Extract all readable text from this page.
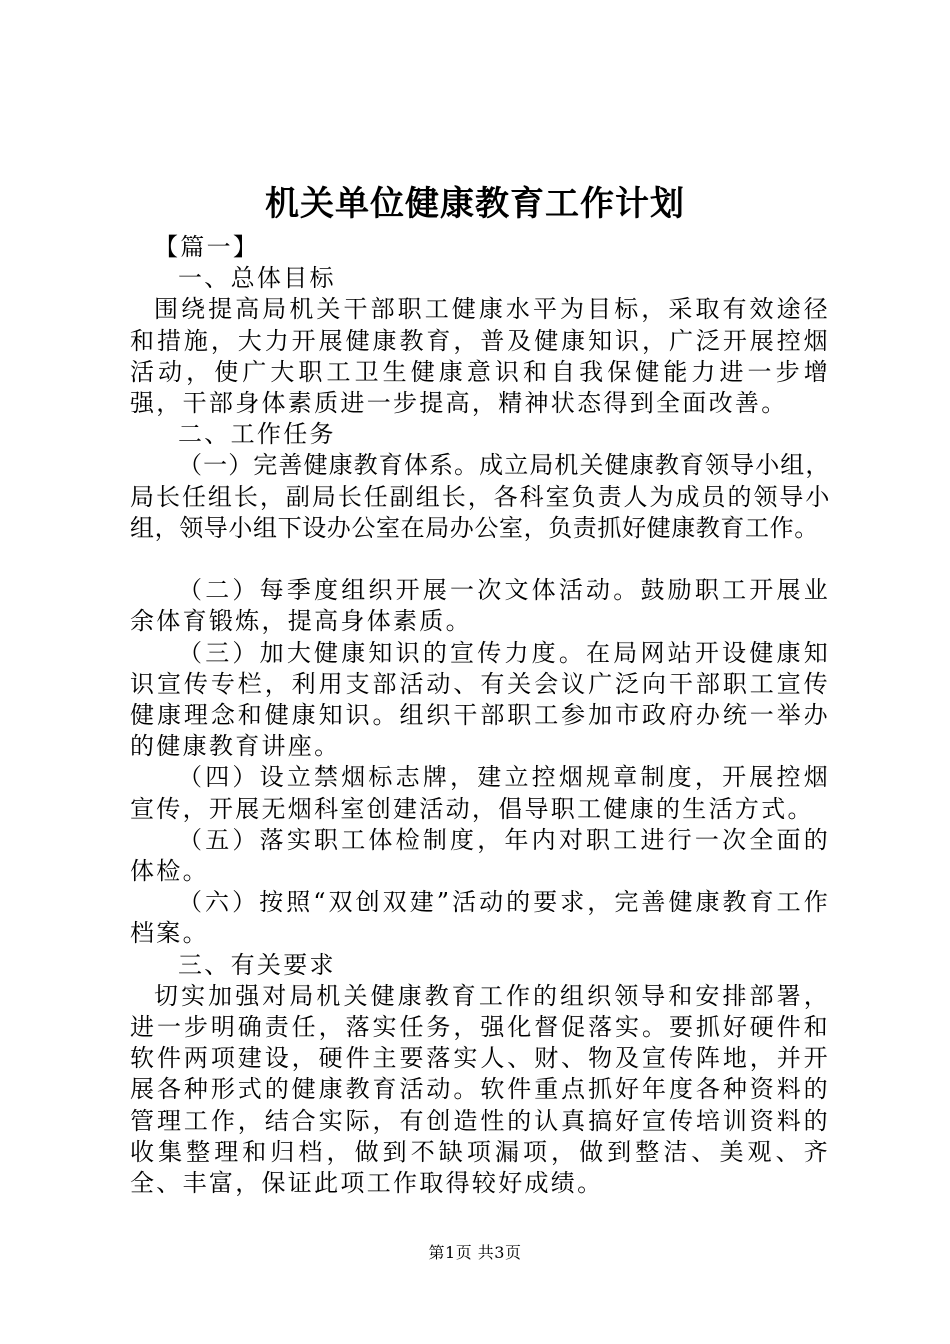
机关单位健康教育工作计划

【篇一】

一、总体目标

围绕提高局机关干部职工健康水平为目标，采取有效途径和措施，大力开展健康教育，普及健康知识，广泛开展控烟活动，使广大职工卫生健康意识和自我保健能力进一步增强，干部身体素质进一步提高，精神状态得到全面改善。

二、工作任务

（一）完善健康教育体系。成立局机关健康教育领导小组，局长任组长，副局长任副组长，各科室负责人为成员的领导小组，领导小组下设办公室在局办公室，负责抓好健康教育工作。

（二）每季度组织开展一次文体活动。鼓励职工开展业余体育锻炼，提高身体素质。

（三）加大健康知识的宣传力度。在局网站开设健康知识宣传专栏，利用支部活动、有关会议广泛向干部职工宣传健康理念和健康知识。组织干部职工参加市政府办统一举办的健康教育讲座。

（四）设立禁烟标志牌，建立控烟规章制度，开展控烟宣传，开展无烟科室创建活动，倡导职工健康的生活方式。

（五）落实职工体检制度，年内对职工进行一次全面的体检。

（六）按照“双创双建”活动的要求，完善健康教育工作档案。

三、有关要求

切实加强对局机关健康教育工作的组织领导和安排部署，进一步明确责任，落实任务，强化督促落实。要抓好硬件和软件两项建设，硬件主要落实人、财、物及宣传阵地，并开展各种形式的健康教育活动。软件重点抓好年度各种资料的管理工作，结合实际，有创造性的认真搞好宣传培训资料的收集整理和归档，做到不缺项漏项，做到整洁、美观、齐全、丰富，保证此项工作取得较好成绩。

第1页 共3页
